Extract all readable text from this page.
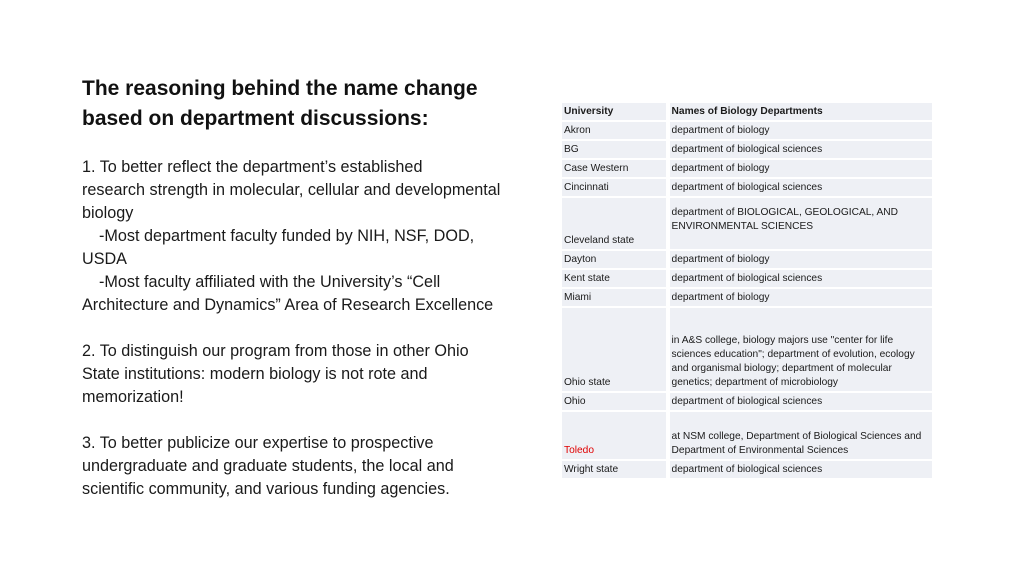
The reasoning behind the name change
based on department discussions:
1. To better reflect the department’s established
research strength in molecular, cellular and developmental
biology
-Most department faculty funded by NIH, NSF, DOD,
USDA
-Most faculty affiliated with the University’s “Cell
Architecture and Dynamics” Area of Research Excellence
2. To distinguish our program from those in other Ohio
State institutions: modern biology is not rote and
memorization!
3. To better publicize our expertise to prospective
undergraduate and graduate students, the local and
scientific community, and various funding agencies.
University	Names of Biology Departments
Akron	department of biology
BG	department of biological sciences
Case Western	department of biology
Cincinnati	department of biological sciences
Cleveland state	department of BIOLOGICAL, GEOLOGICAL, AND ENVIRONMENTAL SCIENCES
Dayton	department of biology
Kent state	department of biological sciences
Miami	department of biology
Ohio state	in A&S college, biology majors use "center for life sciences education"; department of evolution, ecology and organismal biology; department of molecular genetics; department of microbiology
Ohio	department of biological sciences
Toledo	at NSM college, Department of Biological Sciences and Department of Environmental Sciences
Wright state	department of biological sciences
